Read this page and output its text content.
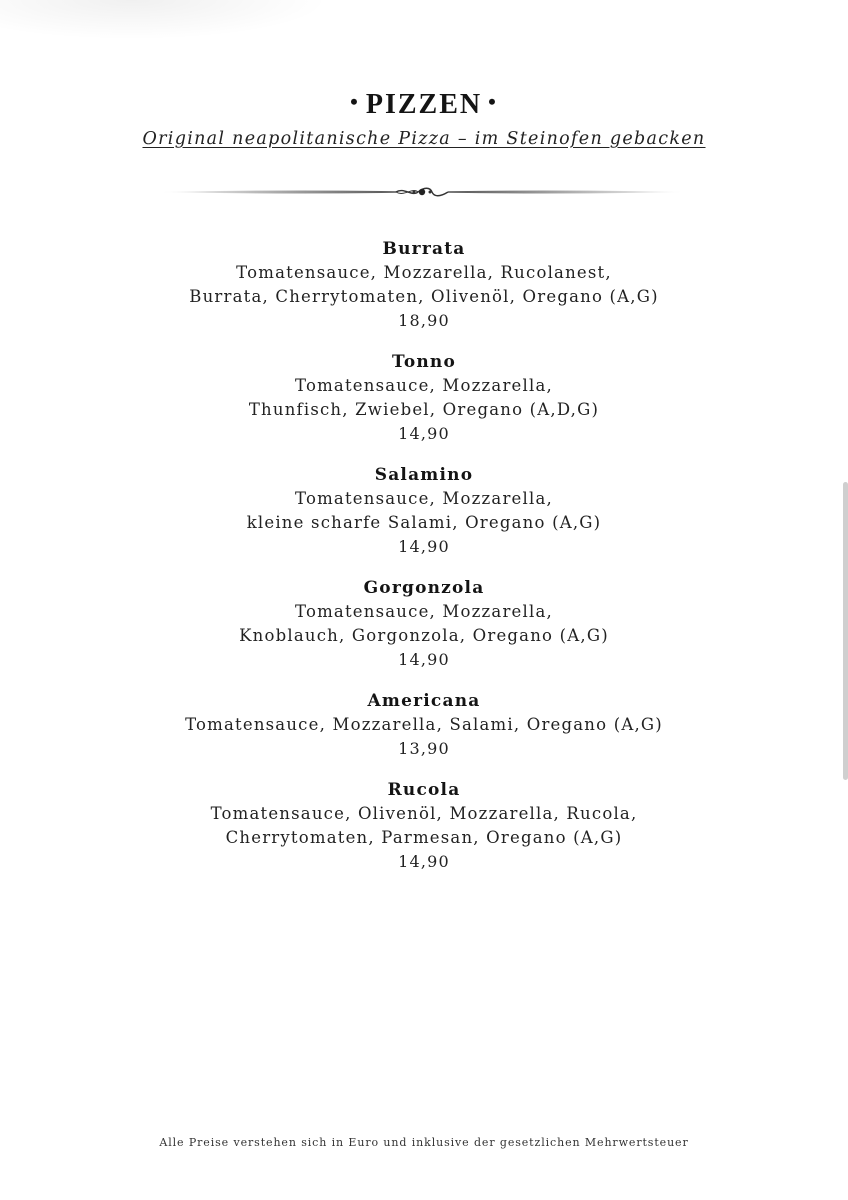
• PIZZEN •
Original neapolitanische Pizza – im Steinofen gebacken
Burrata
Tomatensauce, Mozzarella, Rucolanest,
Burrata, Cherrytomaten, Olivenöl, Oregano (A,G)
18,90
Tonno
Tomatensauce, Mozzarella,
Thunfisch, Zwiebel, Oregano (A,D,G)
14,90
Salamino
Tomatensauce, Mozzarella,
kleine scharfe Salami, Oregano (A,G)
14,90
Gorgonzola
Tomatensauce, Mozzarella,
Knoblauch, Gorgonzola, Oregano (A,G)
14,90
Americana
Tomatensauce, Mozzarella, Salami, Oregano (A,G)
13,90
Rucola
Tomatensauce, Olivenöl, Mozzarella, Rucola,
Cherrytomaten, Parmesan, Oregano (A,G)
14,90
Alle Preise verstehen sich in Euro und inklusive der gesetzlichen Mehrwertsteuer
